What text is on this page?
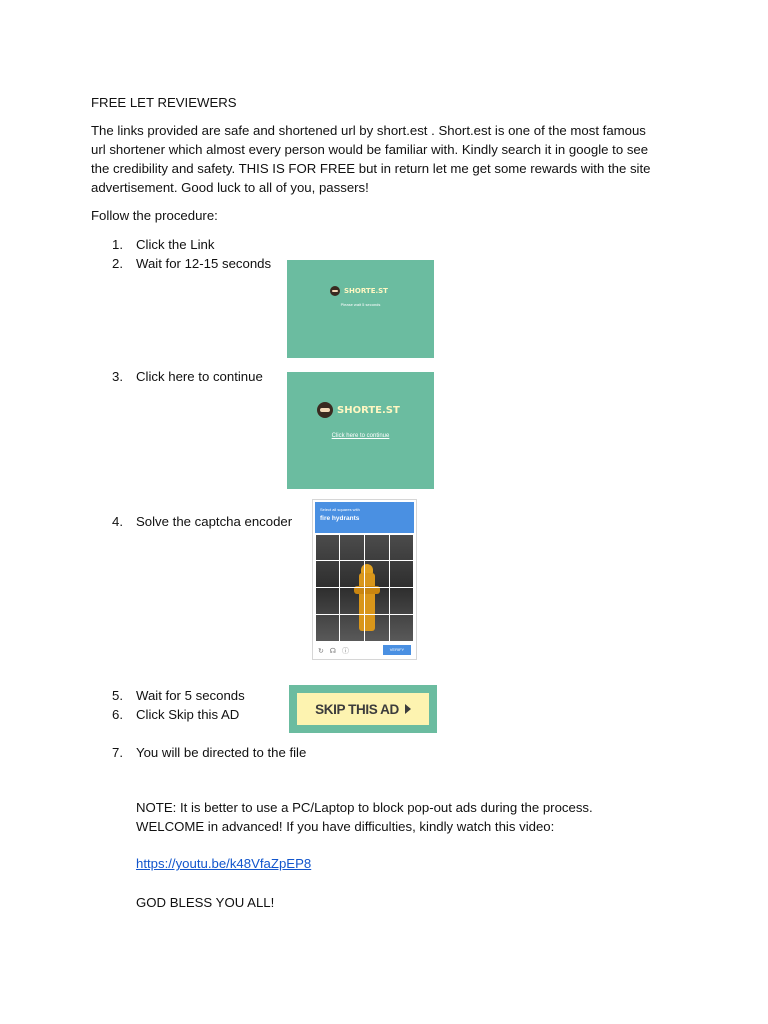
FREE LET REVIEWERS
The links provided are safe and shortened url by short.est . Short.est is one of the most famous url shortener which almost every person would be familiar with. Kindly search it in google to see the credibility and safety. THIS IS FOR FREE but in return let me get some rewards with the site advertisement. Good luck to all of you, passers!
Follow the procedure:
1. Click the Link
2. Wait for 12-15 seconds
3. Click here to continue
4. Solve the captcha encoder
5. Wait for 5 seconds
6. Click Skip this AD
7. You will be directed to the file
SHORTE.ST
Please wait 5 seconds
SHORTE.ST
Click here to continue
Select all squares with
fire hydrants
↻ ☊ ⓘ	VERIFY
SKIP THIS AD
NOTE: It is better to use a PC/Laptop to block pop-out ads during the process. WELCOME in advanced! If you have difficulties, kindly watch this video:
https://youtu.be/k48VfaZpEP8
GOD BLESS YOU ALL!
